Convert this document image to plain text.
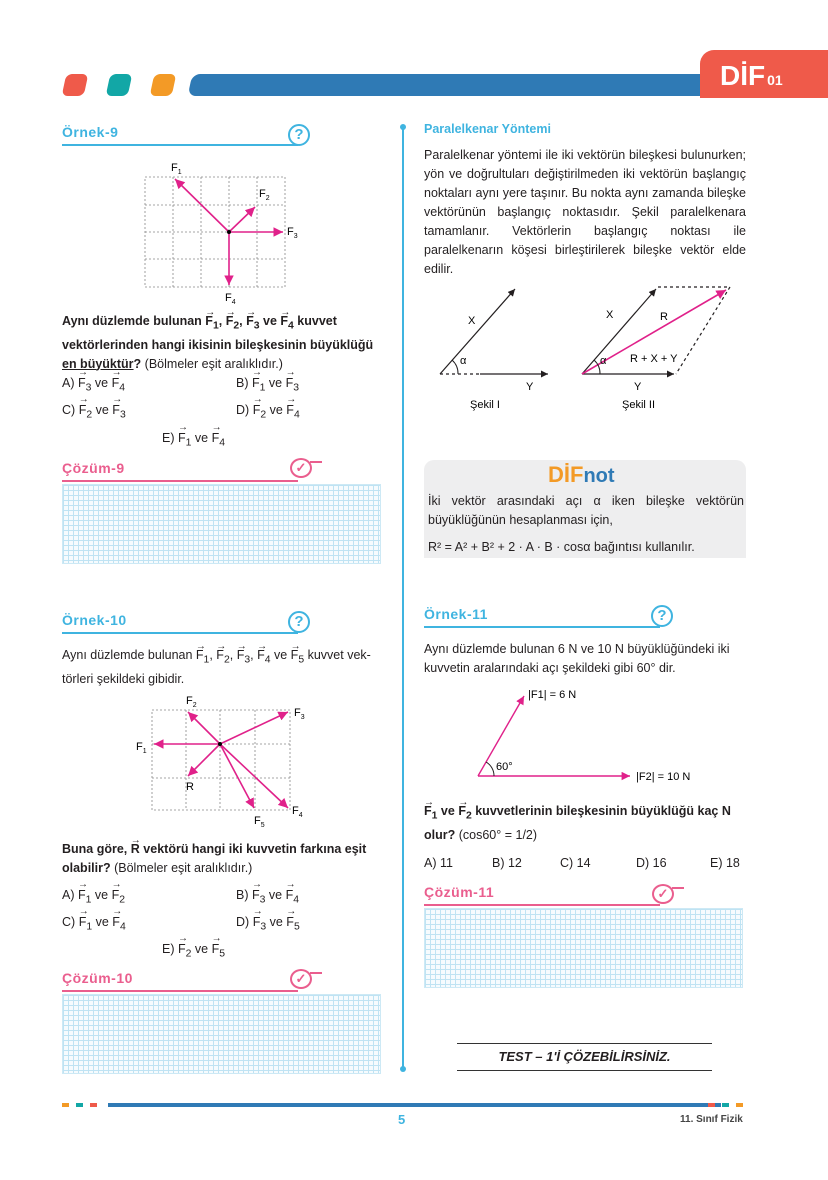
DİF 01
Örnek-9	?
$F_1$
$F_2$
$F_3$
$F_4$
Aynı düzlemde bulunan → $F_1$, → $F_2$, → $F_3$ ve → $F_4$ kuvvet vektörlerinden hangi ikisinin bileşkesinin büyüklüğü en büyüktür? (Bölmeler eşit aralıklıdır.)
$A) \to F_3$ ve → $F_4$	$B) \to F_1$ ve → $F_3$
$C) \to F_2$ ve → $F_3$	$D) \to F_2$ ve → $F_4$
$E) \to F_1$ ve → $F_4$
Çözüm-9	✓
Örnek-10	?
Aynı düzlemde bulunan → $F_1$, → $F_2$, → $F_3$, → $F_4$ ve → $F_5$ kuvvet vek-
törleri şekildeki gibidir.
$F_1$
$F_2$
$F_3$
$F_4$
$F_5$
R
Buna göre, → R vektörü hangi iki kuvvetin farkına eşit olabilir? (Bölmeler eşit aralıklıdır.)
$A) \to F_1$ ve → $F_2$	$B) \to F_3$ ve → $F_4$
$C) \to F_1$ ve → $F_4$	$D) \to F_3$ ve → $F_5$
$E) \to F_2$ ve → $F_5$
Çözüm-10	✓
Paralelkenar Yöntemi
Paralelkenar yöntemi ile iki vektörün bileşkesi bulunurken; yön ve doğrultuları değiştirilmeden iki vektörün başlangıç noktaları aynı yere taşınır. Bu nokta aynı zamanda bileşke vektörünün başlangıç noktasıdır. Şekil paralelkenara tamamlanır. Vektörlerin başlangıç noktası ile paralelkenarın köşesi birleştirilerek bileşke vektör elde edilir.
X
α
Y
X	R
α R + X + Y
Y
Şekil I	Şekil II
DİFnot
İki vektör arasındaki açı α iken bileşke vektörün büyüklüğünün hesaplanması için,
R² = A² + B² + 2 · A · B · cosα bağıntısı kullanılır.
Örnek-11	?
Aynı düzlemde bulunan 6 N ve 10 N büyüklüğündeki iki kuvvetin aralarındaki açı şekildeki gibi 60° dir.
|F1| = 6 N
60°
|F2| = 10 N
→ $F_1$ ve → $F_2$ kuvvetlerinin bileşkesinin büyüklüğü kaç N
olur? (cos60° = 1/2)
A) 11	B) 12	C) 14	D) 16	E) 18
Çözüm-11	✓
TEST – 1'İ ÇÖZEBİLİRSİNİZ.
5	11. Sınıf Fizik
